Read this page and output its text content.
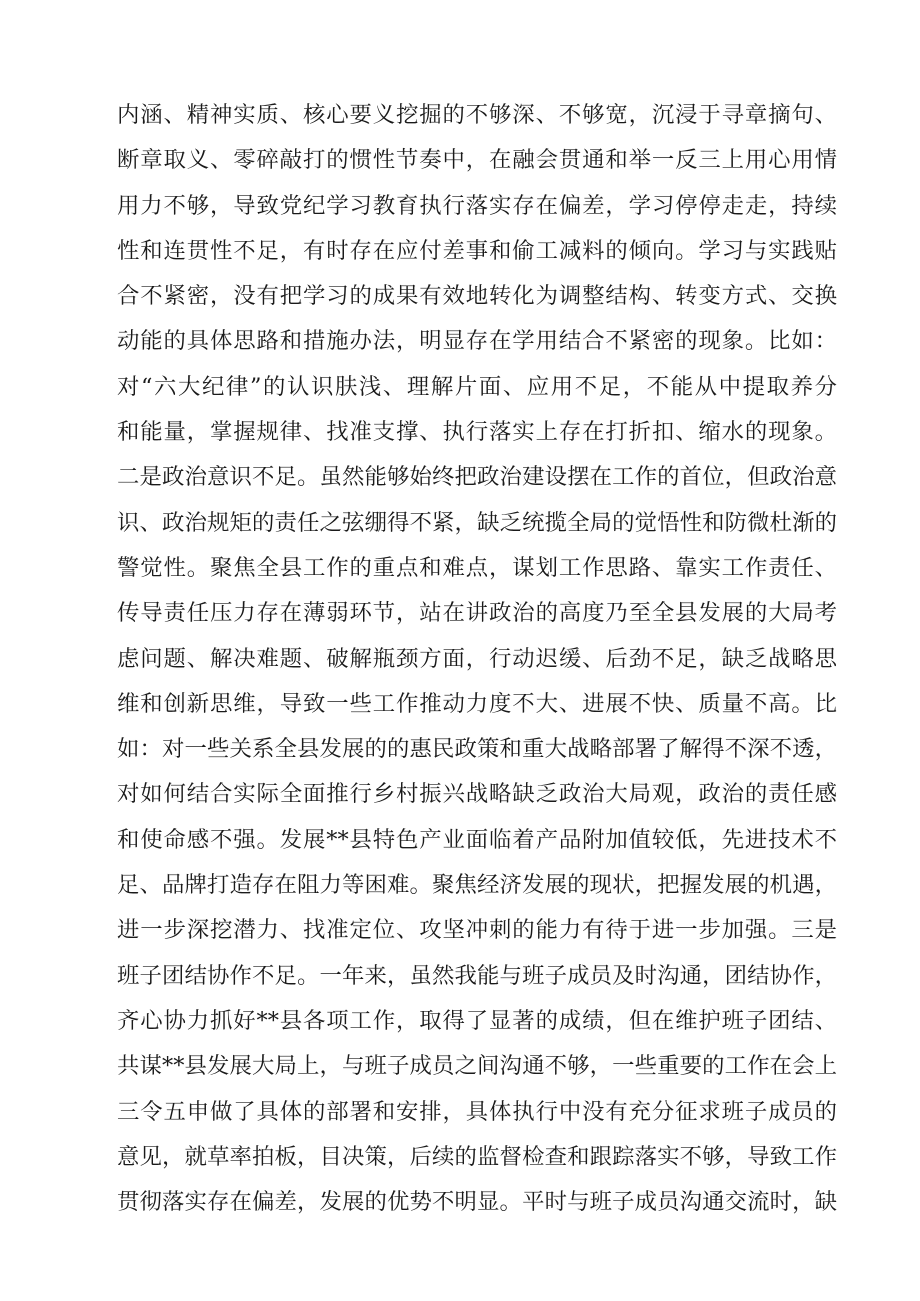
内涵、精神实质、核心要义挖掘的不够深、不够宽，沉浸于寻章摘句、
断章取义、零碎敲打的惯性节奏中，在融会贯通和举一反三上用心用情
用力不够，导致党纪学习教育执行落实存在偏差，学习停停走走，持续
性和连贯性不足，有时存在应付差事和偷工减料的倾向。学习与实践贴
合不紧密，没有把学习的成果有效地转化为调整结构、转变方式、交换
动能的具体思路和措施办法，明显存在学用结合不紧密的现象。比如：
对“六大纪律”的认识肤浅、理解片面、应用不足，不能从中提取养分
和能量，掌握规律、找准支撑、执行落实上存在打折扣、缩水的现象。
二是政治意识不足。虽然能够始终把政治建设摆在工作的首位，但政治意
识、政治规矩的责任之弦绷得不紧，缺乏统揽全局的觉悟性和防微杜渐的
警觉性。聚焦全县工作的重点和难点，谋划工作思路、靠实工作责任、
传导责任压力存在薄弱环节，站在讲政治的高度乃至全县发展的大局考
虑问题、解决难题、破解瓶颈方面，行动迟缓、后劲不足，缺乏战略思
维和创新思维，导致一些工作推动力度不大、进展不快、质量不高。比
如：对一些关系全县发展的的惠民政策和重大战略部署了解得不深不透，
对如何结合实际全面推行乡村振兴战略缺乏政治大局观，政治的责任感
和使命感不强。发展**县特色产业面临着产品附加值较低，先进技术不
足、品牌打造存在阻力等困难。聚焦经济发展的现状，把握发展的机遇，
进一步深挖潜力、找准定位、攻坚冲刺的能力有待于进一步加强。三是
班子团结协作不足。一年来，虽然我能与班子成员及时沟通，团结协作，
齐心协力抓好**县各项工作，取得了显著的成绩，但在维护班子团结、
共谋**县发展大局上，与班子成员之间沟通不够，一些重要的工作在会上
三令五申做了具体的部署和安排，具体执行中没有充分征求班子成员的
意见，就草率拍板，目决策，后续的监督检查和跟踪落实不够，导致工作
贯彻落实存在偏差，发展的优势不明显。平时与班子成员沟通交流时，缺
